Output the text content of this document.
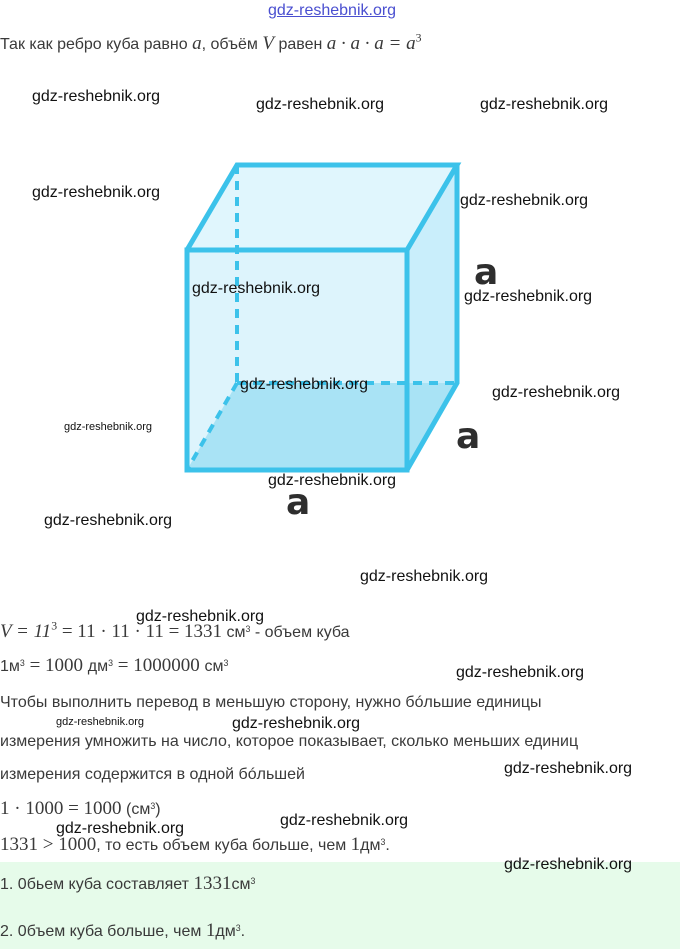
gdz-reshebnik.org
Так как ребро куба равно a, объём V равен $a \cdot a \cdot a = a^3$
a
a
a
$V = 11^3 = 11 \cdot 11 \cdot 11 = 1331$ $см^3$ - объем куба
$1м^3 = 1000$ $дм^3 = 1000000$ $см^3$
Чтобы выполнить перевод в меньшую сторону, нужно бóльшие единицы
измерения умножить на число, которое показывает, сколько меньших единиц
измерения содержится в одной бóльшей
1 · 1000 = 1000 $(см^3)$
1331 > 1000, то есть объем куба больше, чем $1дм^3$.
1. 0бьем куба составляет $1331см^3$
2. 0бъем куба больше, чем $1дм^3$.
gdz-reshebnik.org	gdz-reshebnik.org	gdz-reshebnik.org
gdz-reshebnik.org	gdz-reshebnik.org
gdz-reshebnik.org	gdz-reshebnik.org
gdz-reshebnik.org	gdz-reshebnik.org
gdz-reshebnik.org
gdz-reshebnik.org
gdz-reshebnik.org
gdz-reshebnik.org
gdz-reshebnik.org
gdz-reshebnik.org
gdz-reshebnik.org	gdz-reshebnik.org
gdz-reshebnik.org
gdz-reshebnik.org
gdz-reshebnik.org
gdz-reshebnik.org
